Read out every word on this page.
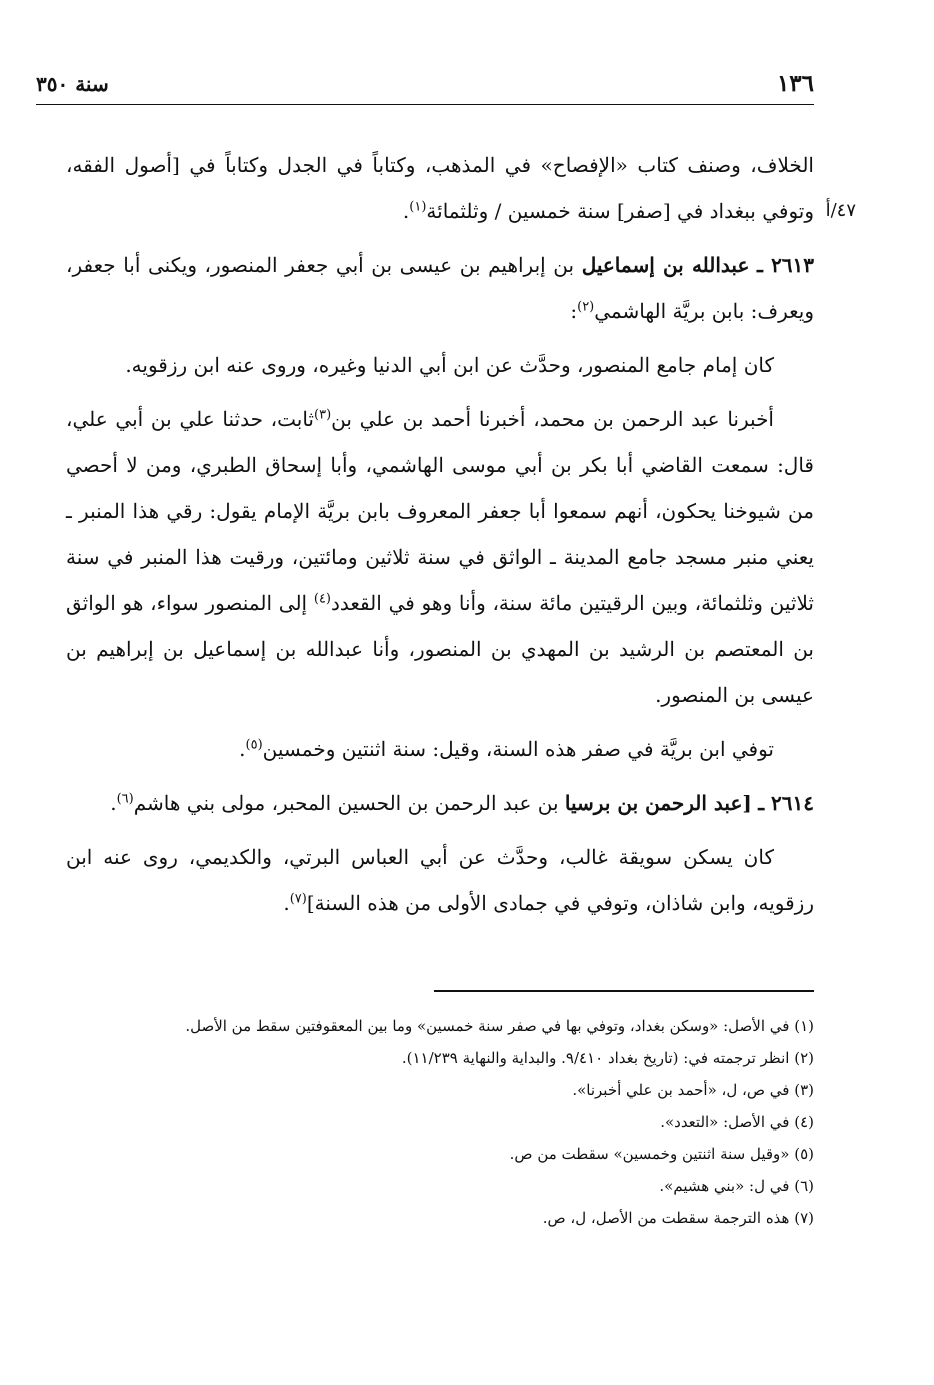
١٣٦
سنة ٣٥٠

٤٧/أ
الخلاف، وصنف كتاب «الإفصاح» في المذهب، وكتاباً في الجدل وكتاباً في [أصول الفقه، وتوفي ببغداد في [صفر] سنة خمسين / وثلثمائة$^{(١)}$.

٢٦١٣ ـ عبدالله بن إسماعيل بن إبراهيم بن عيسى بن أبي جعفر المنصور، ويكنى أبا جعفر، ويعرف: بابن بريَّة الهاشمي$^{(٢)}$:

كان إمام جامع المنصور، وحدَّث عن ابن أبي الدنيا وغيره، وروى عنه ابن رزقويه.

أخبرنا عبد الرحمن بن محمد، أخبرنا أحمد بن علي بن$^{(٣)}$ثابت، حدثنا علي بن أبي علي، قال: سمعت القاضي أبا بكر بن أبي موسى الهاشمي، وأبا إسحاق الطبري، ومن لا أحصي من شيوخنا يحكون، أنهم سمعوا أبا جعفر المعروف بابن بريَّة الإمام يقول: رقي هذا المنبر ـ يعني منبر مسجد جامع المدينة ـ الواثق في سنة ثلاثين ومائتين، ورقيت هذا المنبر في سنة ثلاثين وثلثمائة، وبين الرقيتين مائة سنة، وأنا وهو في القعدد$^{(٤)}$ إلى المنصور سواء، هو الواثق بن المعتصم بن الرشيد بن المهدي بن المنصور، وأنا عبدالله بن إسماعيل بن إبراهيم بن عيسى بن المنصور.

توفي ابن بريَّة في صفر هذه السنة، وقيل: سنة اثنتين وخمسين$^{(٥)}$.

٢٦١٤ ـ [عبد الرحمن بن برسيا بن عبد الرحمن بن الحسين المحبر، مولى بني هاشم$^{(٦)}$.

كان يسكن سويقة غالب، وحدَّث عن أبي العباس البرتي، والكديمي، روى عنه ابن رزقويه، وابن شاذان، وتوفي في جمادى الأولى من هذه السنة]$^{(٧)}$.

(١) في الأصل: «وسكن بغداد، وتوفي بها في صفر سنة خمسين» وما بين المعقوفتين سقط من الأصل.

(٢) انظر ترجمته في: (تاريخ بغداد ٩/٤١٠. والبداية والنهاية ١١/٢٣٩).

(٣) في ص، ل، «أحمد بن علي أخبرنا».

(٤) في الأصل: «التعدد».

(٥) «وقيل سنة اثنتين وخمسين» سقطت من ص.

(٦) في ل: «بني هشيم».

(٧) هذه الترجمة سقطت من الأصل، ل، ص.
